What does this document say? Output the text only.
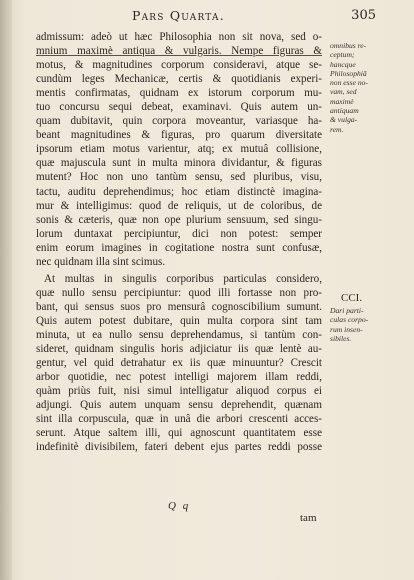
Pars Quarta.	305
admissum: adeò ut hæc Philosophia non sit nova, sed o-
mnium maximè antiqua & vulgaris. Nempe figuras &
motus, & magnitudines corporum consideravi, atque se-
cundùm leges Mechanicæ, certis & quotidianis experi-
mentis confirmatas, quidnam ex istorum corporum mu-
tuo concursu sequi debeat, examinavi. Quis autem un-
quam dubitavit, quin corpora moveantur, variasque ha-
beant magnitudines & figuras, pro quarum diversitate
ipsorum etiam motus varientur, atq; ex mutuâ collisione,
quæ majuscula sunt in multa minora dividantur, & figuras
mutent? Hoc non uno tantùm sensu, sed pluribus, visu,
tactu, auditu deprehendimus; hoc etiam distinctè imagina-
mur & intelligimus: quod de reliquis, ut de coloribus, de
sonis & cæteris, quæ non ope plurium sensuum, sed singu-
lorum duntaxat percipiuntur, dici non potest: semper
enim eorum imagines in cogitatione nostra sunt confusæ,
nec quidnam illa sint scimus.
At multas in singulis corporibus particulas considero,
quæ nullo sensu percipiuntur: quod illi fortasse non pro-
bant, qui sensus suos pro mensurâ cognoscibilium sumunt.
Quis autem potest dubitare, quin multa corpora sint tam
minuta, ut ea nullo sensu deprehendamus, si tantùm con-
sideret, quidnam singulis horis adjiciatur iis quæ lentè au-
gentur, vel quid detrahatur ex iis quæ minuuntur? Crescit
arbor quotidie, nec potest intelligi majorem illam reddi,
quàm priùs fuit, nisi simul intelligatur aliquod corpus ei
adjungi. Quis autem unquam sensu deprehendit, quænam
sint illa corpuscula, quæ in unâ die arbori crescenti acces-
serunt. Atque saltem illi, qui agnoscunt quantitatem esse
indefinitè divisibilem, fateri debent ejus partes reddi posse
omnibus re-
ceptum;
hancque
Philosophiā
non esse no-
vam, sed
maximè
antiquam
& vulga-
rem.
CCI.
Dari parti-
culas corpo-
rum insen-
sibiles.
Q q
tam
